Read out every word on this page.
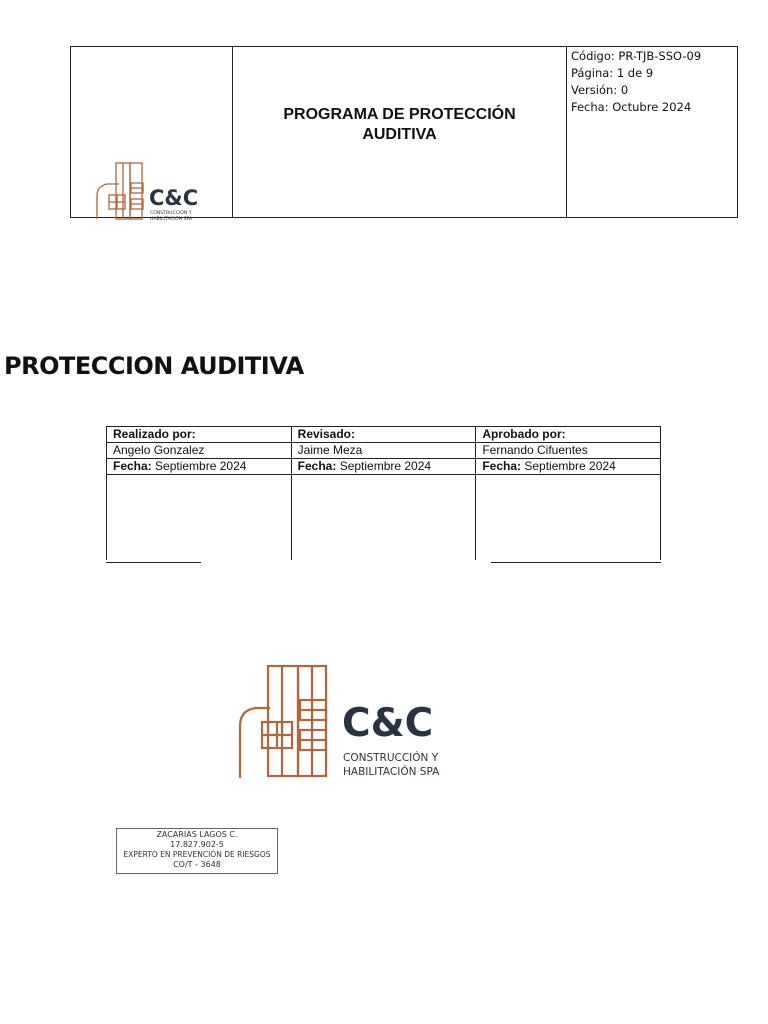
C&C
CONSTRUCCIÓN Y
HABILITACIÓN SPA
PROGRAMA DE PROTECCIÓN
AUDITIVA
Código: PR-TJB-SSO-09
Página: 1 de 9
Versión: 0
Fecha: Octubre 2024
PROTECCION AUDITIVA
Realizado por:	Revisado:	Aprobado por:
Angelo Gonzalez	Jaime Meza	Fernando Cifuentes
Fecha: Septiembre 2024	Fecha: Septiembre 2024	Fecha: Septiembre 2024

C&C
CONSTRUCCIÓN Y
HABILITACIÓN SPA
ZACARIAS LAGOS C.
17.827.902-5
EXPERTO EN PREVENCIÓN DE RIESGOS
CO/T - 3648
